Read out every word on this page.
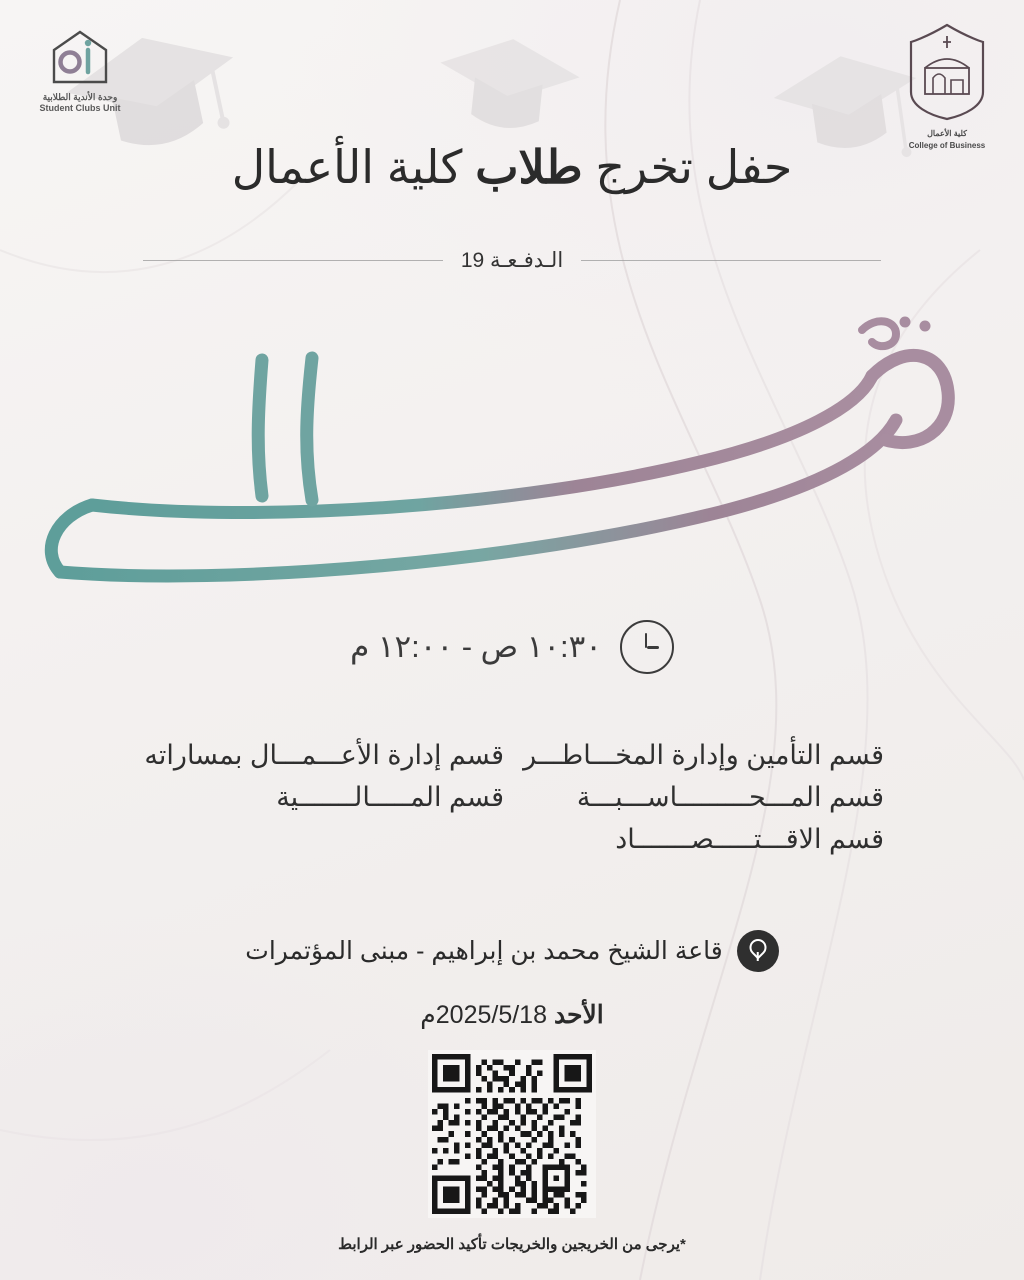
وحدة الأندية الطلابية
Student Clubs Unit
كلية الأعمال
College of Business
حفل تخرج طلاب كلية الأعمال
الـدفـعـة 19
١٠:٣٠ ص - ١٢:٠٠ م
قسم التأمين وإدارة المخـــاطـــر
قسم المـــحـــــــــاســـبـــة
قسم الاقـــتـــــصـــــــاد
قسم إدارة الأعـــمـــال بمساراته
قسم المـــــالـــــــية
قاعة الشيخ محمد بن إبراهيم - مبنى المؤتمرات
الأحد 2025/5/18م
*يرجى من الخريجين والخريجات تأكيد الحضور عبر الرابط
